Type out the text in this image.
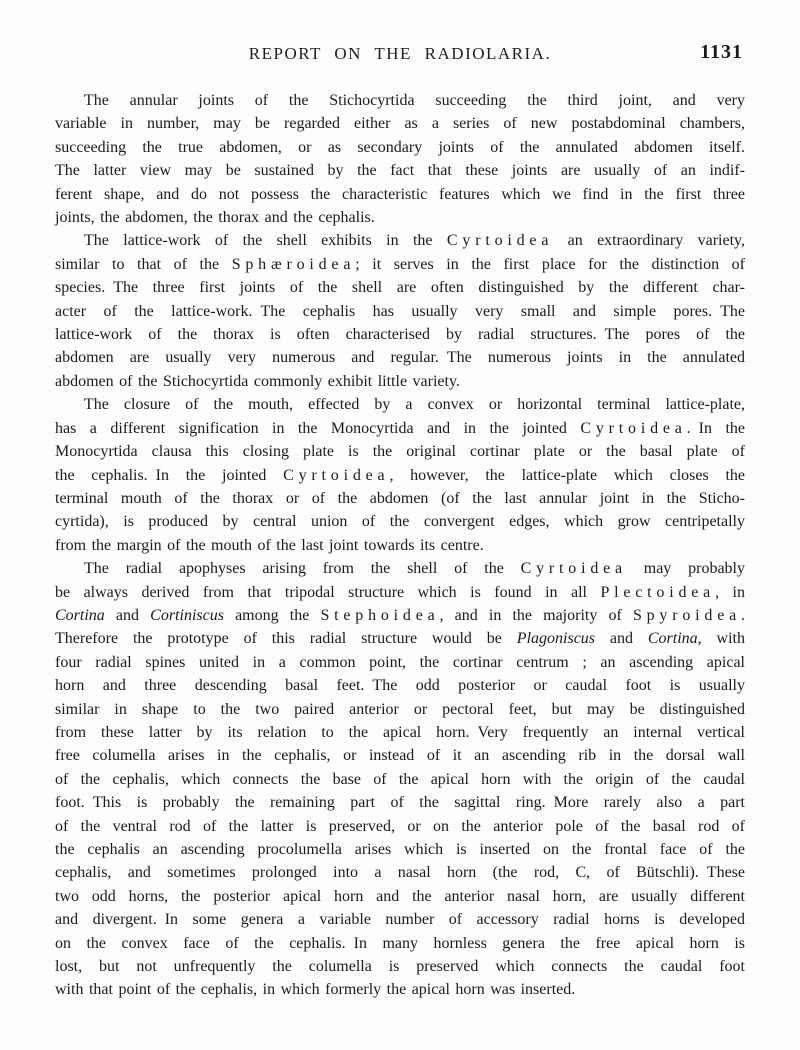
REPORT ON THE RADIOLARIA.	1131
The annular joints of the Stichocyrtida succeeding the third joint, and very
variable in number, may be regarded either as a series of new postabdominal chambers,
succeeding the true abdomen, or as secondary joints of the annulated abdomen itself.
The latter view may be sustained by the fact that these joints are usually of an indif-
ferent shape, and do not possess the characteristic features which we find in the first three
joints, the abdomen, the thorax and the cephalis.
The lattice-work of the shell exhibits in the Cyrtoidea an extraordinary variety,
similar to that of the Sphæroidea; it serves in the first place for the distinction of
species. The three first joints of the shell are often distinguished by the different char-
acter of the lattice-work. The cephalis has usually very small and simple pores. The
lattice-work of the thorax is often characterised by radial structures. The pores of the
abdomen are usually very numerous and regular. The numerous joints in the annulated
abdomen of the Stichocyrtida commonly exhibit little variety.
The closure of the mouth, effected by a convex or horizontal terminal lattice-plate,
has a different signification in the Monocyrtida and in the jointed Cyrtoidea. In the
Monocyrtida clausa this closing plate is the original cortinar plate or the basal plate of
the cephalis. In the jointed Cyrtoidea, however, the lattice-plate which closes the
terminal mouth of the thorax or of the abdomen (of the last annular joint in the Sticho-
cyrtida), is produced by central union of the convergent edges, which grow centripetally
from the margin of the mouth of the last joint towards its centre.
The radial apophyses arising from the shell of the Cyrtoidea may probably
be always derived from that tripodal structure which is found in all Plectoidea, in
Cortina and Cortiniscus among the Stephoidea, and in the majority of Spyroidea.
Therefore the prototype of this radial structure would be Plagoniscus and Cortina, with
four radial spines united in a common point, the cortinar centrum ; an ascending apical
horn and three descending basal feet. The odd posterior or caudal foot is usually
similar in shape to the two paired anterior or pectoral feet, but may be distinguished
from these latter by its relation to the apical horn. Very frequently an internal vertical
free columella arises in the cephalis, or instead of it an ascending rib in the dorsal wall
of the cephalis, which connects the base of the apical horn with the origin of the caudal
foot. This is probably the remaining part of the sagittal ring. More rarely also a part
of the ventral rod of the latter is preserved, or on the anterior pole of the basal rod of
the cephalis an ascending procolumella arises which is inserted on the frontal face of the
cephalis, and sometimes prolonged into a nasal horn (the rod, C, of Bütschli). These
two odd horns, the posterior apical horn and the anterior nasal horn, are usually different
and divergent. In some genera a variable number of accessory radial horns is developed
on the convex face of the cephalis. In many hornless genera the free apical horn is
lost, but not unfrequently the columella is preserved which connects the caudal foot
with that point of the cephalis, in which formerly the apical horn was inserted.
